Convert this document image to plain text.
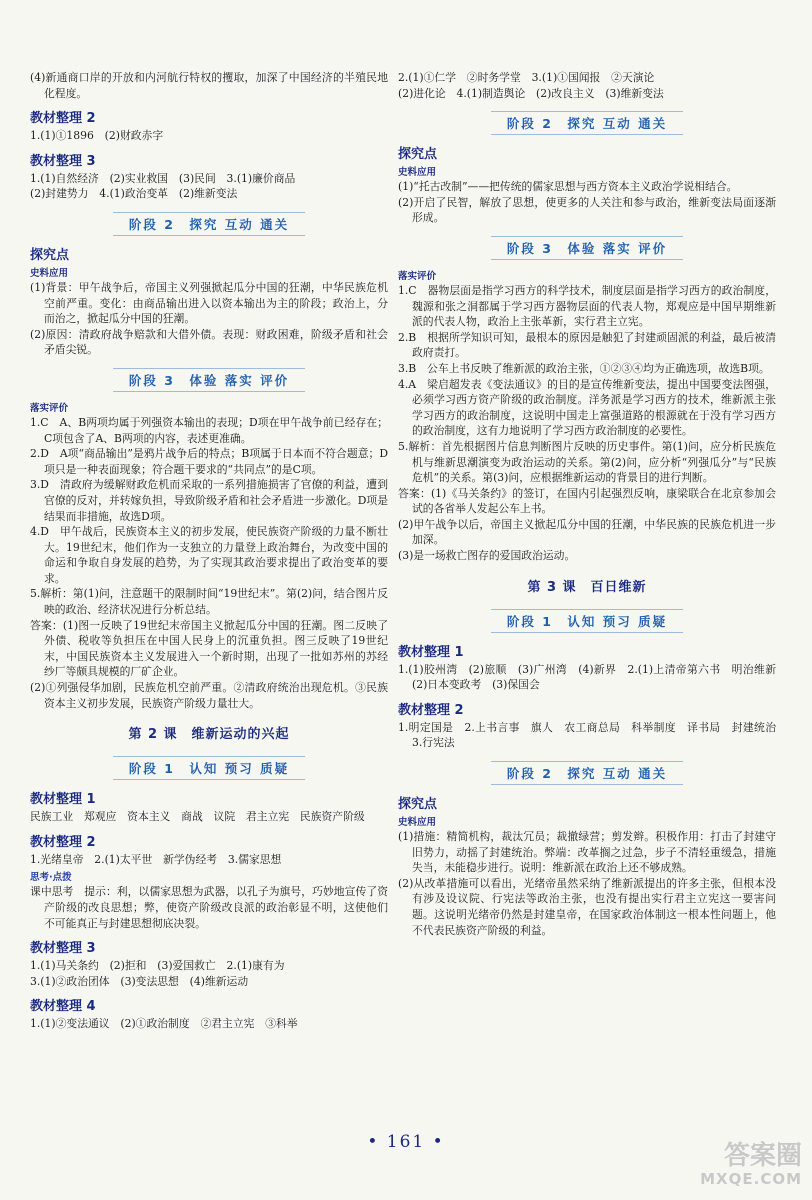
(4)新通商口岸的开放和内河航行特权的攫取，加深了中国经济的半殖民地化程度。
教材整理 2
1.(1)①1896　(2)财政赤字
教材整理 3
1.(1)自然经济　(2)实业救国　(3)民间　3.(1)廉价商品
(2)封建势力　4.(1)政治变革　(2)维新变法
阶段 2　探究 互动 通关
探究点
史料应用
(1)背景：甲午战争后，帝国主义列强掀起瓜分中国的狂潮，中华民族危机空前严重。变化：由商品输出进入以资本输出为主的阶段；政治上，分而治之，掀起瓜分中国的狂潮。
(2)原因：清政府战争赔款和大借外债。表现：财政困难，阶级矛盾和社会矛盾尖锐。
阶段 3　体验 落实 评价
落实评价
1.C　A、B两项均属于列强资本输出的表现；D项在甲午战争前已经存在；C项包含了A、B两项的内容，表述更准确。
2.D　A项“商品输出”是鸦片战争后的特点；B项属于日本而不符合题意；D项只是一种表面现象；符合题干要求的“共同点”的是C项。
3.D　清政府为缓解财政危机而采取的一系列措施损害了官僚的利益，遭到官僚的反对，并转嫁负担，导致阶级矛盾和社会矛盾进一步激化。D项是结果而非措施，故选D项。
4.D　甲午战后，民族资本主义的初步发展，使民族资产阶级的力量不断壮大。19世纪末，他们作为一支独立的力量登上政治舞台，为改变中国的命运和争取自身发展的趋势，为了实现其政治要求提出了政治变革的要求。
5.解析：第(1)问，注意题干的限制时间“19世纪末”。第(2)问，结合图片反映的政治、经济状况进行分析总结。
答案：(1)图一反映了19世纪末帝国主义掀起瓜分中国的狂潮。图二反映了外债、税收等负担压在中国人民身上的沉重负担。图三反映了19世纪末，中国民族资本主义发展进入一个新时期，出现了一批如苏州的苏经纱厂等颇具规模的厂矿企业。
(2)①列强侵华加剧，民族危机空前严重。②清政府统治出现危机。③民族资本主义初步发展，民族资产阶级力量壮大。
第 2 课　维新运动的兴起
阶段 1　认知 预习 质疑
教材整理 1
民族工业　郑观应　资本主义　商战　议院　君主立宪　民族资产阶级
教材整理 2
1.光绪皇帝　2.(1)太平世　新学伪经考　3.儒家思想
思考·点拨
课中思考　提示：利，以儒家思想为武器，以孔子为旗号，巧妙地宣传了资产阶级的改良思想；弊，使资产阶级改良派的政治彰显不明，这使他们不可能真正与封建思想彻底决裂。
教材整理 3
1.(1)马关条约　(2)拒和　(3)爱国救亡　2.(1)康有为
3.(1)②政治团体　(3)变法思想　(4)维新运动
教材整理 4
1.(1)②变法通议　(2)①政治制度　②君主立宪　③科举
2.(1)①仁学　②时务学堂　3.(1)①国闻报　②天演论
(2)进化论　4.(1)制造舆论　(2)改良主义　(3)维新变法
阶段 2　探究 互动 通关
探究点
史料应用
(1)“托古改制”——把传统的儒家思想与西方资本主义政治学说相结合。
(2)开启了民智，解放了思想，使更多的人关注和参与政治，维新变法局面逐渐形成。
阶段 3　体验 落实 评价
落实评价
1.C　器物层面是指学习西方的科学技术，制度层面是指学习西方的政治制度，魏源和张之洞都属于学习西方器物层面的代表人物，郑观应是中国早期维新派的代表人物，政治上主张革新，实行君主立宪。
2.B　根据所学知识可知，最根本的原因是触犯了封建顽固派的利益，最后被清政府责打。
3.B　公车上书反映了维新派的政治主张，①②③④均为正确选项，故选B项。
4.A　梁启超发表《变法通议》的目的是宣传维新变法，提出中国要变法图强，必须学习西方资产阶级的政治制度。洋务派是学习西方的技术，维新派主张学习西方的政治制度，这说明中国走上富强道路的根源就在于没有学习西方的政治制度，这有力地说明了学习西方政治制度的必要性。
5.解析：首先根据图片信息判断图片反映的历史事件。第(1)问，应分析民族危机与维新思潮演变为政治运动的关系。第(2)问，应分析“列强瓜分”与“民族危机”的关系。第(3)问，应根据维新运动的背景目的进行判断。
答案：(1)《马关条约》的签订，在国内引起强烈反响，康梁联合在北京参加会试的各省举人发起公车上书。
(2)甲午战争以后，帝国主义掀起瓜分中国的狂潮，中华民族的民族危机进一步加深。
(3)是一场救亡图存的爱国政治运动。
第 3 课　百日维新
阶段 1　认知 预习 质疑
教材整理 1
1.(1)胶州湾　(2)旅顺　(3)广州湾　(4)新界　2.(1)上清帝第六书　明治维新　(2)日本变政考　(3)保国会
教材整理 2
1.明定国是　2.上书言事　旗人　农工商总局　科举制度　译书局　封建统治　3.行宪法
阶段 2　探究 互动 通关
探究点
史料应用
(1)措施：精简机构，裁汰冗员；裁撤绿营；剪发辫。积极作用：打击了封建守旧势力，动摇了封建统治。弊端：改革搁之过急，步子不清轻重缓急，措施失当，未能稳步进行。说明：维新派在政治上还不够成熟。
(2)从改革措施可以看出，光绪帝虽然采纳了维新派提出的许多主张，但根本没有涉及设议院、行宪法等政治主张，也没有提出实行君主立宪这一要害问题。这说明光绪帝仍然是封建皇帝，在国家政治体制这一根本性问题上，他不代表民族资产阶级的利益。
• 161 •	答案圈
MXQE.COM
